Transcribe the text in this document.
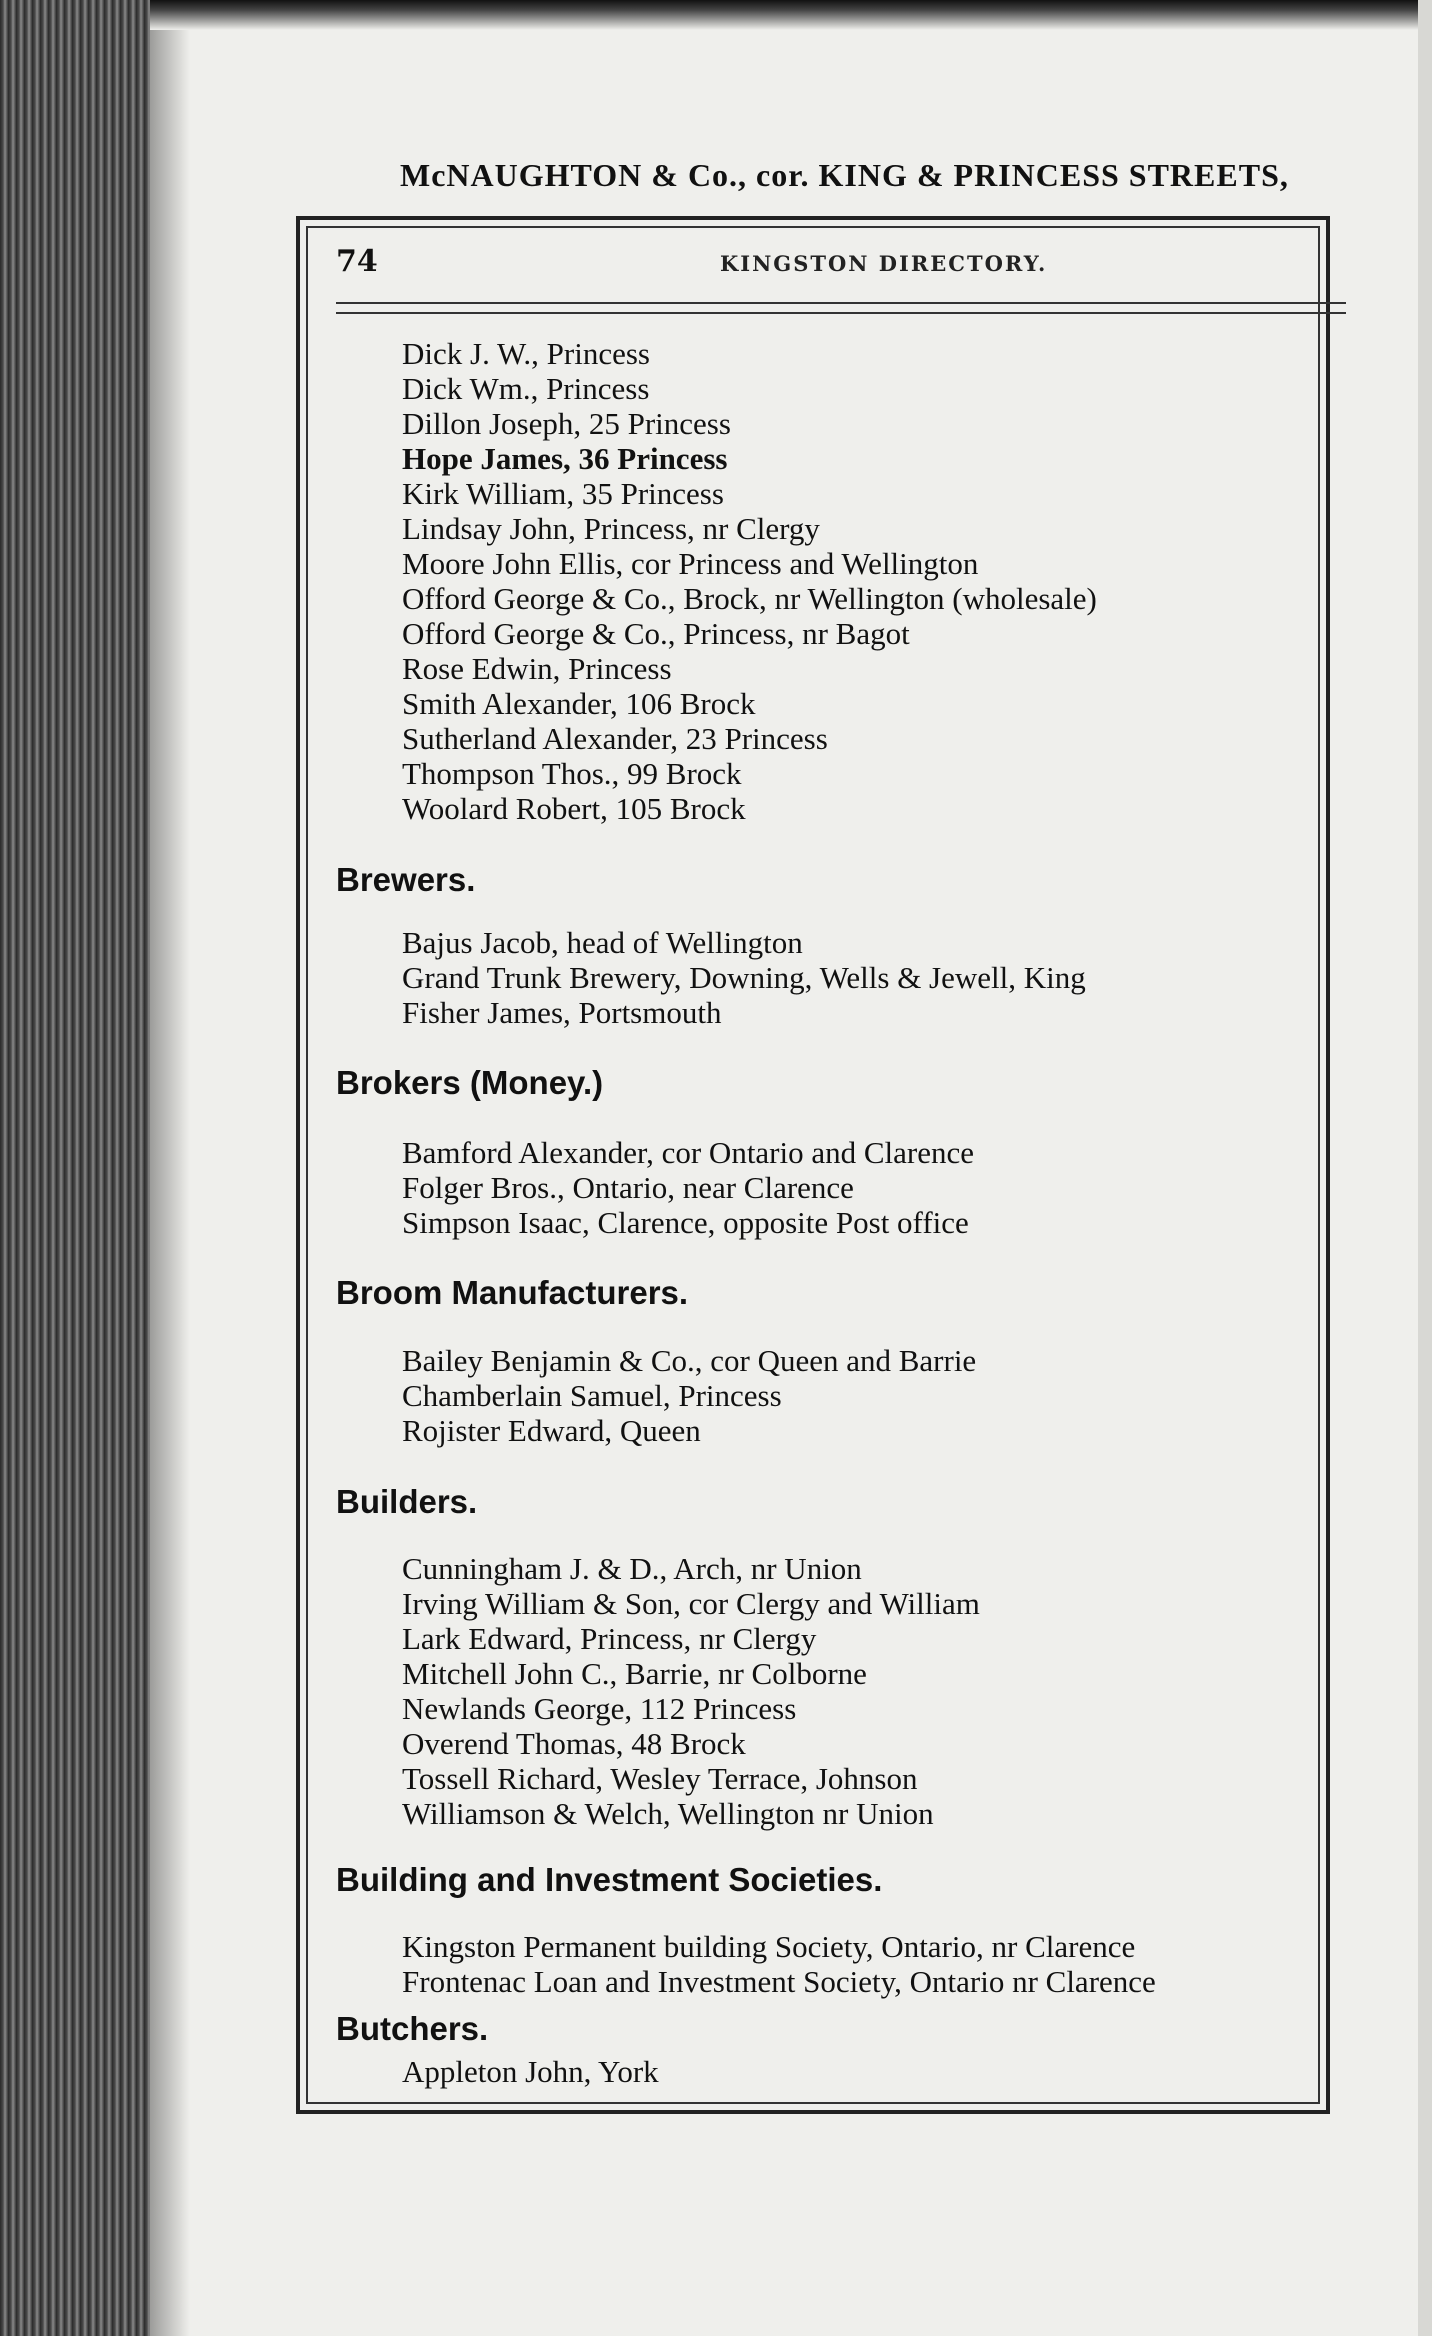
McNAUGHTON & Co., cor. KING & PRINCESS STREETS,
74	KINGSTON DIRECTORY.
Dick J. W., Princess
Dick Wm., Princess
Dillon Joseph, 25 Princess
Hope James, 36 Princess
Kirk William, 35 Princess
Lindsay John, Princess, nr Clergy
Moore John Ellis, cor Princess and Wellington
Offord George & Co., Brock, nr Wellington (wholesale)
Offord George & Co., Princess, nr Bagot
Rose Edwin, Princess
Smith Alexander, 106 Brock
Sutherland Alexander, 23 Princess
Thompson Thos., 99 Brock
Woolard Robert, 105 Brock
Brewers.
Bajus Jacob, head of Wellington
Grand Trunk Brewery, Downing, Wells & Jewell, King
Fisher James, Portsmouth
Brokers (Money.)
Bamford Alexander, cor Ontario and Clarence
Folger Bros., Ontario, near Clarence
Simpson Isaac, Clarence, opposite Post office
Broom Manufacturers.
Bailey Benjamin & Co., cor Queen and Barrie
Chamberlain Samuel, Princess
Rojister Edward, Queen
Builders.
Cunningham J. & D., Arch, nr Union
Irving William & Son, cor Clergy and William
Lark Edward, Princess, nr Clergy
Mitchell John C., Barrie, nr Colborne
Newlands George, 112 Princess
Overend Thomas, 48 Brock
Tossell Richard, Wesley Terrace, Johnson
Williamson & Welch, Wellington nr Union
Building and Investment Societies.
Kingston Permanent building Society, Ontario, nr Clarence
Frontenac Loan and Investment Society, Ontario nr Clarence
Butchers.
Appleton John, York
